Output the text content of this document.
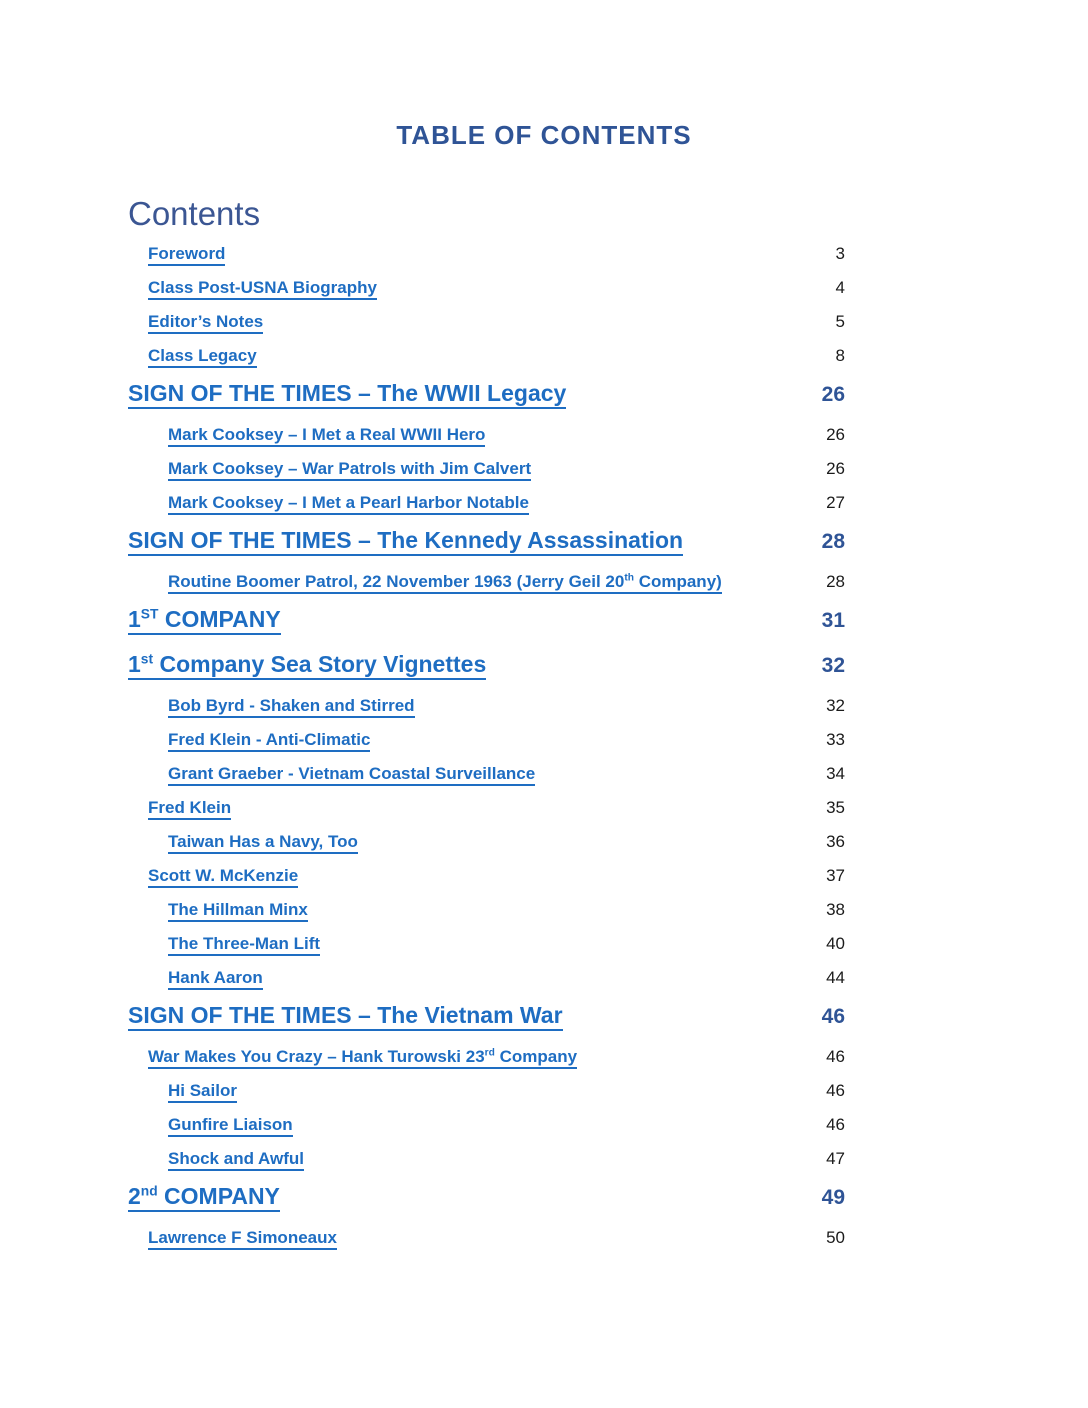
TABLE OF CONTENTS
Contents
Foreword	3
Class Post-USNA Biography	4
Editor’s Notes	5
Class Legacy	8
SIGN OF THE TIMES – The WWII Legacy	26
Mark Cooksey – I Met a Real WWII Hero	26
Mark Cooksey – War Patrols with Jim Calvert	26
Mark Cooksey – I Met a Pearl Harbor Notable	27
SIGN OF THE TIMES – The Kennedy Assassination	28
Routine Boomer Patrol, 22 November 1963 (Jerry Geil 20th Company)	28
1ST COMPANY	31
1st Company Sea Story Vignettes	32
Bob Byrd - Shaken and Stirred	32
Fred Klein - Anti-Climatic	33
Grant Graeber - Vietnam Coastal Surveillance	34
Fred Klein	35
Taiwan Has a Navy, Too	36
Scott W. McKenzie	37
The Hillman Minx	38
The Three-Man Lift	40
Hank Aaron	44
SIGN OF THE TIMES – The Vietnam War	46
War Makes You Crazy – Hank Turowski 23rd Company	46
Hi Sailor	46
Gunfire Liaison	46
Shock and Awful	47
2nd COMPANY	49
Lawrence F Simoneaux	50
